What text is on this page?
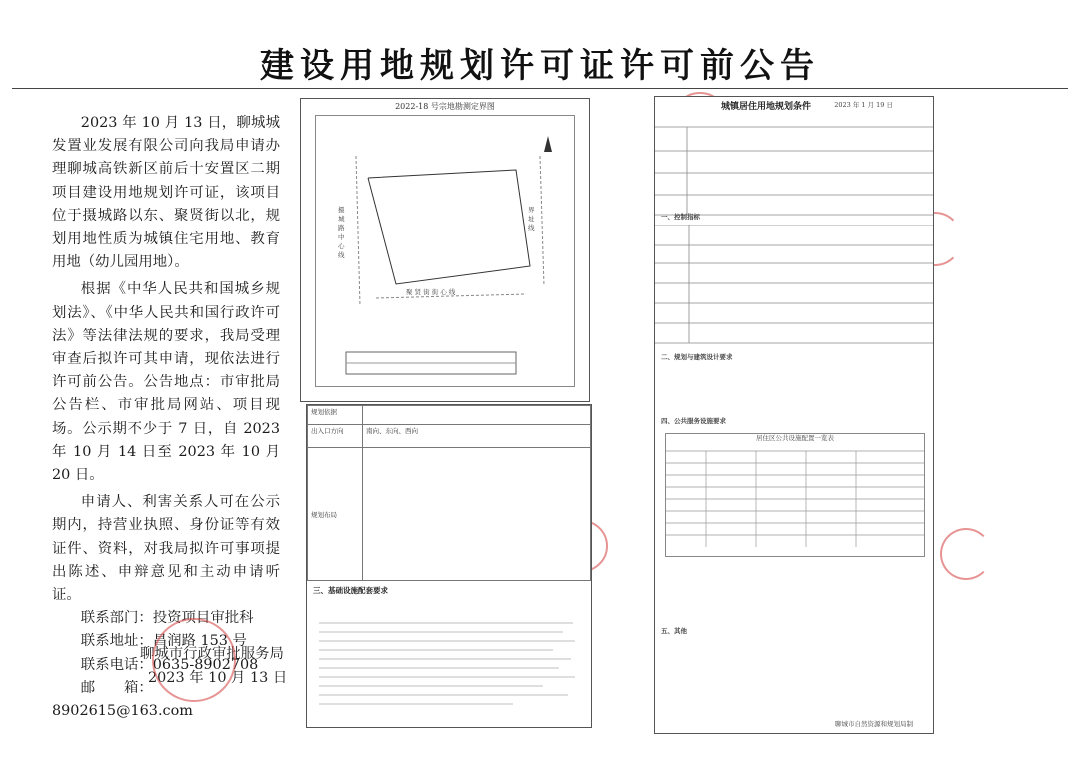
建设用地规划许可证许可前公告

2023 年 10 月 13 日，聊城城发置业发展有限公司向我局申请办理聊城高铁新区前后十安置区二期项目建设用地规划许可证，该项目位于摄城路以东、聚贤街以北，规划用地性质为城镇住宅用地、教育用地（幼儿园用地）。

根据《中华人民共和国城乡规划法》、《中华人民共和国行政许可法》等法律法规的要求，我局受理审查后拟许可其申请，现依法进行许可前公告。公告地点：市审批局公告栏、市审批局网站、项目现场。公示期不少于 7 日，自 2023 年 10 月 14 日至 2023 年 10 月 20 日。

申请人、利害关系人可在公示期内，持营业执照、身份证等有效证件、资料，对我局拟许可事项提出陈述、申辩意见和主动申请听证。

联系部门：投资项目审批科
联系地址：昌润路 153 号
联系电话：0635-8902708
邮　　箱：8902615@163.com
聊城市行政审批服务局
2023 年 10 月 13 日
2022-18 号宗地勘测定界图
聚 贤 街 街 心 线
摄 城 路 中 心 线
界 址 线
规划依据	
出入口方向	南向、东向、西向
规划布局	
三、基础设施配套要求
城镇居住用地规划条件	2023 年 1 月 19 日
一、控制指标
二、规划与建筑设计要求
四、公共服务设施要求
居住区公共设施配置一览表
五、其他
聊城市自然资源和规划局制
